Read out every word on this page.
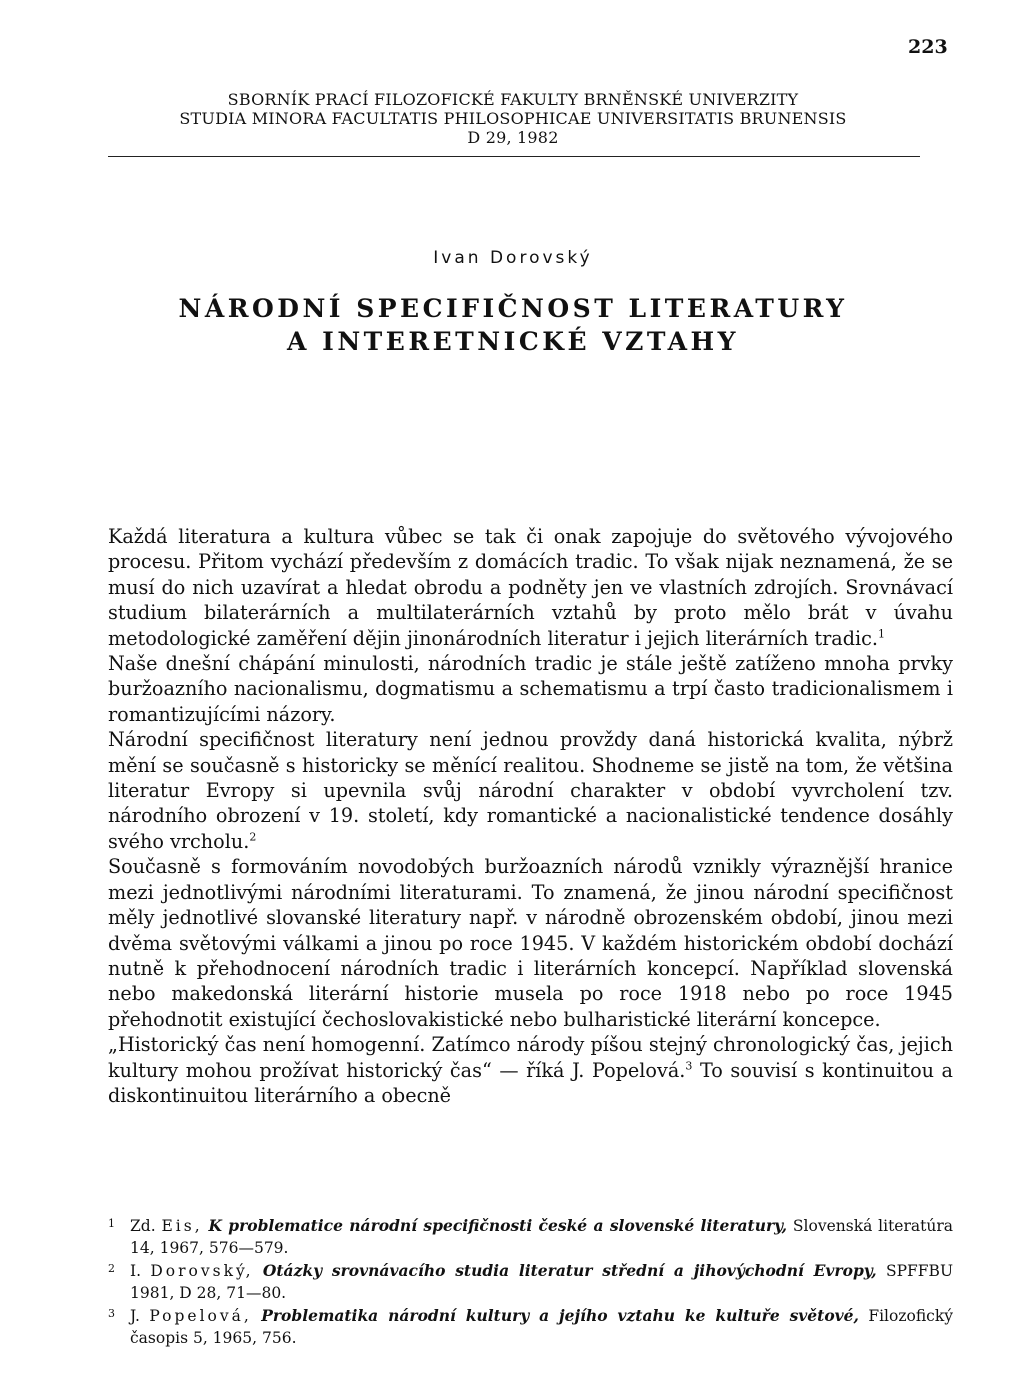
223
SBORNÍK PRACÍ FILOZOFICKÉ FAKULTY BRNĚNSKÉ UNIVERZITY
STUDIA MINORA FACULTATIS PHILOSOPHICAE UNIVERSITATIS BRUNENSIS
D 29, 1982
Ivan Dorovský
NÁRODNÍ SPECIFIČNOST LITERATURY
A INTERETNICKÉ VZTAHY

Každá literatura a kultura vůbec se tak či onak zapojuje do světového vývojového procesu. Přitom vychází především z domácích tradic. To však nijak neznamená, že se musí do nich uzavírat a hledat obrodu a podněty jen ve vlastních zdrojích. Srovnávací studium bilaterárních a multilaterárních vztahů by proto mělo brát v úvahu metodologické zaměření dějin jinonárodních literatur i jejich literárních tradic.$^1$

Naše dnešní chápání minulosti, národních tradic je stále ještě zatíženo mnoha prvky buržoazního nacionalismu, dogmatismu a schematismu a trpí často tradicionalismem i romantizujícími názory.

Národní specifičnost literatury není jednou provždy daná historická kvalita, nýbrž mění se současně s historicky se měnící realitou. Shodneme se jistě na tom, že většina literatur Evropy si upevnila svůj národní charakter v období vyvrcholení tzv. národního obrození v 19. století, kdy romantické a nacionalistické tendence dosáhly svého vrcholu.$^2$

Současně s formováním novodobých buržoazních národů vznikly výraznější hranice mezi jednotlivými národními literaturami. To znamená, že jinou národní specifičnost měly jednotlivé slovanské literatury např. v národně obrozenském období, jinou mezi dvěma světovými válkami a jinou po roce 1945. V každém historickém období dochází nutně k přehodnocení národních tradic i literárních koncepcí. Například slovenská nebo makedonská literární historie musela po roce 1918 nebo po roce 1945 přehodnotit existující čechoslovakistické nebo bulharistické literární koncepce.

„Historický čas není homogenní. Zatímco národy píšou stejný chronologický čas, jejich kultury mohou prožívat historický čas“ — říká J. Popelová.$^3$ To souvisí s kontinuitou a diskontinuitou literárního a obecně

1 Zd. Eis, K problematice národní specifičnosti české a slovenské literatury, Slovenská literatúra 14, 1967, 576—579.
2 I. Dorovský, Otázky srovnávacího studia literatur střední a jihovýchodní Evropy, SPFFBU 1981, D 28, 71—80.
3 J. Popelová, Problematika národní kultury a jejího vztahu ke kultuře světové, Filozofický časopis 5, 1965, 756.
